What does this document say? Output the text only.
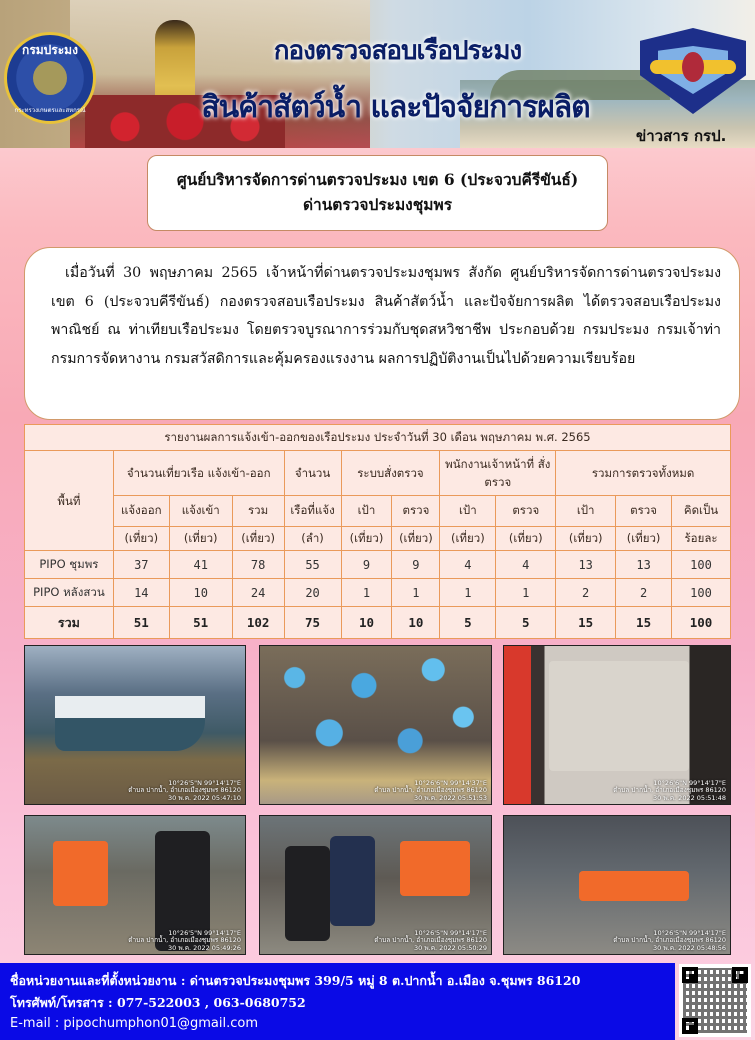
กองตรวจสอบเรือประมง
สินค้าสัตว์น้ำ และปัจจัยการผลิต
กรมประมง
กระทรวงเกษตรและสหกรณ์
ข่าวสาร กรป.
ศูนย์บริหารจัดการด่านตรวจประมง เขต 6 (ประจวบคีรีขันธ์)
ด่านตรวจประมงชุมพร

เมื่อวันที่ 30 พฤษภาคม 2565 เจ้าหน้าที่ด่านตรวจประมงชุมพร สังกัด ศูนย์บริหารจัดการด่านตรวจประมงเขต 6 (ประจวบคีรีขันธ์) กองตรวจสอบเรือประมง สินค้าสัตว์น้ำ และปัจจัยการผลิต ได้ตรวจสอบเรือประมงพาณิชย์ ณ ท่าเทียบเรือประมง โดยตรวจบูรณาการร่วมกับชุดสหวิชาชีพ ประกอบด้วย กรมประมง กรมเจ้าท่า กรมการจัดหางาน กรมสวัสดิการและคุ้มครองแรงงาน ผลการปฏิบัติงานเป็นไปด้วยความเรียบร้อย

รายงานผลการแจ้งเข้า-ออกของเรือประมง ประจำวันที่ 30 เดือน พฤษภาคม พ.ศ. 2565											
พื้นที่	จำนวนเที่ยวเรือ แจ้งเข้า-ออก			จำนวน	ระบบสั่งตรวจ		พนักงานเจ้าหน้าที่ สั่งตรวจ		รวมการตรวจทั้งหมด		
	แจ้งออก	แจ้งเข้า	รวม	เรือที่แจ้ง	เป้า	ตรวจ	เป้า	ตรวจ	เป้า	ตรวจ	คิดเป็น
	(เที่ยว)	(เที่ยว)	(เที่ยว)	(ลำ)	(เที่ยว)	(เที่ยว)	(เที่ยว)	(เที่ยว)	(เที่ยว)	(เที่ยว)	ร้อยละ
PIPO ชุมพร	37	41	78	55	9	9	4	4	13	13	100
PIPO หลังสวน	14	10	24	20	1	1	1	1	2	2	100
รวม	51	51	102	75	10	10	5	5	15	15	100
10°26'5"N 99°14'17"E
ตำบล ปากน้ำ, อำเภอเมืองชุมพร 86120
30 พ.ค. 2022 05:47:10
10°26'6"N 99°14'37"E
ตำบล ปากน้ำ, อำเภอเมืองชุมพร 86120
30 พ.ค. 2022 05:51:53
10°26'6"N 99°14'17"E
ตำบล ปากน้ำ, อำเภอเมืองชุมพร 86120
30 พ.ค. 2022 05:51:48
10°26'5"N 99°14'17"E
ตำบล ปากน้ำ, อำเภอเมืองชุมพร 86120
30 พ.ค. 2022 05:49:26
10°26'5"N 99°14'17"E
ตำบล ปากน้ำ, อำเภอเมืองชุมพร 86120
30 พ.ค. 2022 05:50:29
10°26'5"N 99°14'17"E
ตำบล ปากน้ำ, อำเภอเมืองชุมพร 86120
30 พ.ค. 2022 05:48:56
ชื่อหน่วยงานและที่ตั้งหน่วยงาน : ด่านตรวจประมงชุมพร 399/5 หมู่ 8 ต.ปากน้ำ อ.เมือง จ.ชุมพร 86120
โทรศัพท์/โทรสาร : 077-522003 , 063-0680752
E-mail : pipochumphon01@gmail.com
